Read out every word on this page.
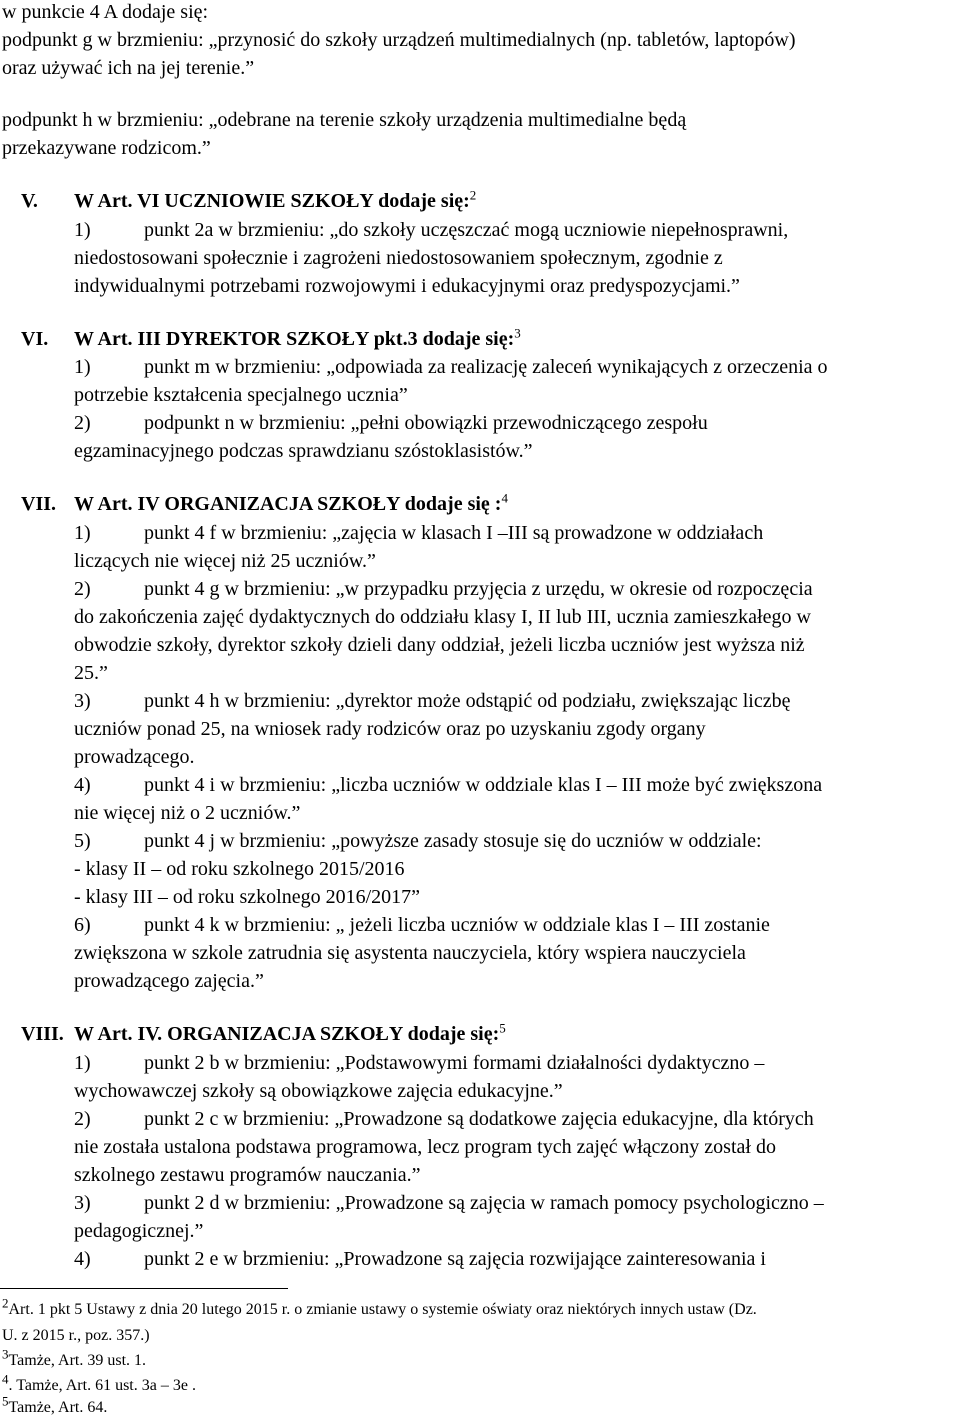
w punkcie 4 A dodaje się:
podpunkt g w brzmieniu: „przynosić do szkoły urządzeń multimedialnych (np. tabletów, laptopów)
oraz używać ich na jej terenie.”
podpunkt h w brzmieniu: „odebrane na terenie szkoły urządzenia multimedialne będą
przekazywane rodzicom.”
V. W Art. VI UCZNIOWIE SZKOŁY dodaje się:$^2$
1)	punkt 2a w brzmieniu: „do szkoły uczęszczać mogą uczniowie niepełnosprawni,
niedostosowani społecznie i zagrożeni niedostosowaniem społecznym, zgodnie z
indywidualnymi potrzebami rozwojowymi i edukacyjnymi oraz predyspozycjami.”
VI. W Art. III DYREKTOR SZKOŁY pkt.3 dodaje się:$^3$
1)	punkt m w brzmieniu: „odpowiada za realizację zaleceń wynikających z orzeczenia o
potrzebie kształcenia specjalnego ucznia”
2)	podpunkt n w brzmieniu: „pełni obowiązki przewodniczącego zespołu
egzaminacyjnego podczas sprawdzianu szóstoklasistów.”
VII. W Art. IV ORGANIZACJA SZKOŁY dodaje się :$^4$
1)	punkt 4 f w brzmieniu: „zajęcia w klasach I –III są prowadzone w oddziałach
liczących nie więcej niż 25 uczniów.”
2)	punkt 4 g w brzmieniu: „w przypadku przyjęcia z urzędu, w okresie od rozpoczęcia
do zakończenia zajęć dydaktycznych do oddziału klasy I, II lub III, ucznia zamieszkałego w
obwodzie szkoły, dyrektor szkoły dzieli dany oddział, jeżeli liczba uczniów jest wyższa niż
25.”
3)	punkt 4 h w brzmieniu: „dyrektor może odstąpić od podziału, zwiększając liczbę
uczniów ponad 25, na wniosek rady rodziców oraz po uzyskaniu zgody organy
prowadzącego.
4)	punkt 4 i w brzmieniu: „liczba uczniów w oddziale klas I – III może być zwiększona
nie więcej niż o 2 uczniów.”
5)	punkt 4 j w brzmieniu: „powyższe zasady stosuje się do uczniów w oddziale:
- klasy II – od roku szkolnego 2015/2016
- klasy III – od roku szkolnego 2016/2017”
6)	punkt 4 k w brzmieniu: „ jeżeli liczba uczniów w oddziale klas I – III zostanie
zwiększona w szkole zatrudnia się asystenta nauczyciela, który wspiera nauczyciela
prowadzącego zajęcia.”
VIII. W Art. IV. ORGANIZACJA SZKOŁY dodaje się:$^5$
1)	punkt 2 b w brzmieniu: „Podstawowymi formami działalności dydaktyczno –
wychowawczej szkoły są obowiązkowe zajęcia edukacyjne.”
2)	punkt 2 c w brzmieniu: „Prowadzone są dodatkowe zajęcia edukacyjne, dla których
nie została ustalona podstawa programowa, lecz program tych zajęć włączony został do
szkolnego zestawu programów nauczania.”
3)	punkt 2 d w brzmieniu: „Prowadzone są zajęcia w ramach pomocy psychologiczno –
pedagogicznej.”
4)	punkt 2 e w brzmieniu: „Prowadzone są zajęcia rozwijające zainteresowania i
$^2$Art. 1 pkt 5 Ustawy z dnia 20 lutego 2015 r. o zmianie ustawy o systemie oświaty oraz niektórych innych ustaw (Dz.
U. z 2015 r., poz. 357.)
$^3$Tamże, Art. 39 ust. 1.
$^4$. Tamże, Art. 61 ust. 3a – 3e .
$^5$Tamże, Art. 64.
